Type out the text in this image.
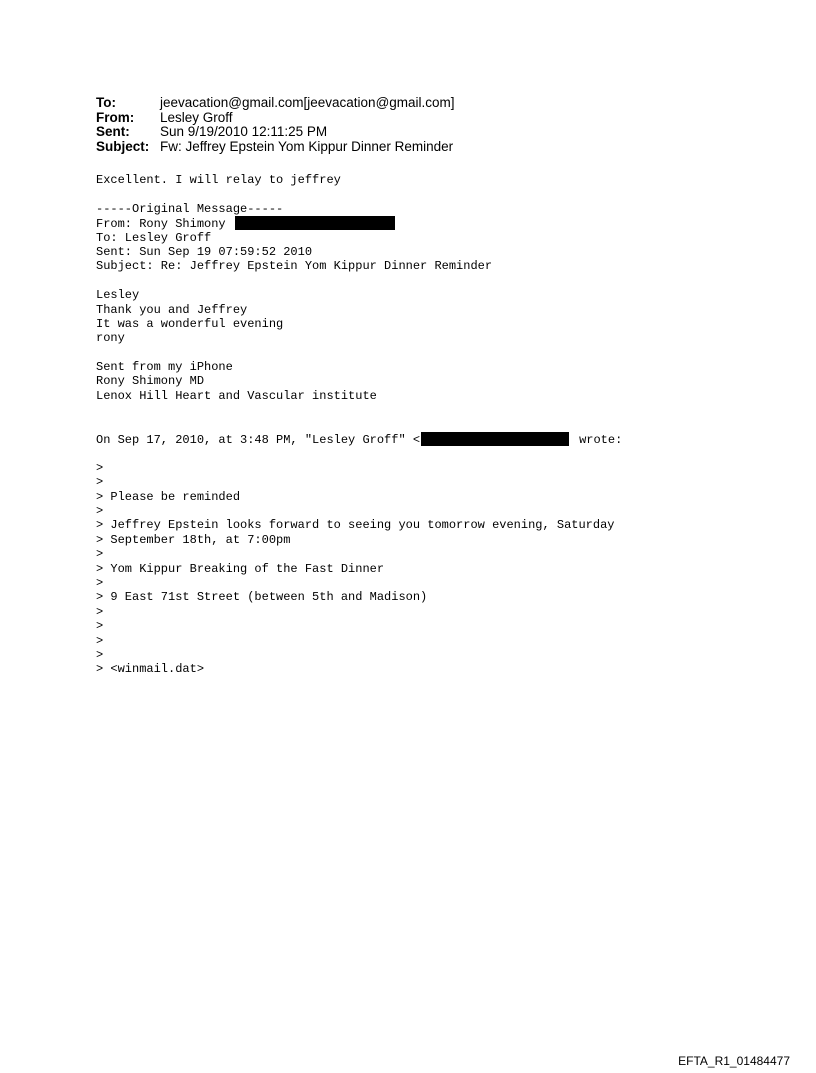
To:	jeevacation@gmail.com[jeevacation@gmail.com]
From:	Lesley Groff
Sent:	Sun 9/19/2010 12:11:25 PM
Subject: Fw: Jeffrey Epstein Yom Kippur Dinner Reminder
Excellent. I will relay to jeffrey
-----Original Message-----
From: Rony Shimony
To: Lesley Groff
Sent: Sun Sep 19 07:59:52 2010
Subject: Re: Jeffrey Epstein Yom Kippur Dinner Reminder
Lesley
Thank you and Jeffrey
It was a wonderful evening
rony
Sent from my iPhone
Rony Shimony MD
Lenox Hill Heart and Vascular institute
On Sep 17, 2010, at 3:48 PM, "Lesley Groff" <	wrote:
>
>
> Please be reminded
>
> Jeffrey Epstein looks forward to seeing you tomorrow evening, Saturday
> September 18th, at 7:00pm
>
> Yom Kippur Breaking of the Fast Dinner
>
> 9 East 71st Street (between 5th and Madison)
>
>
>
>
> <winmail.dat>
EFTA_R1_01484477
